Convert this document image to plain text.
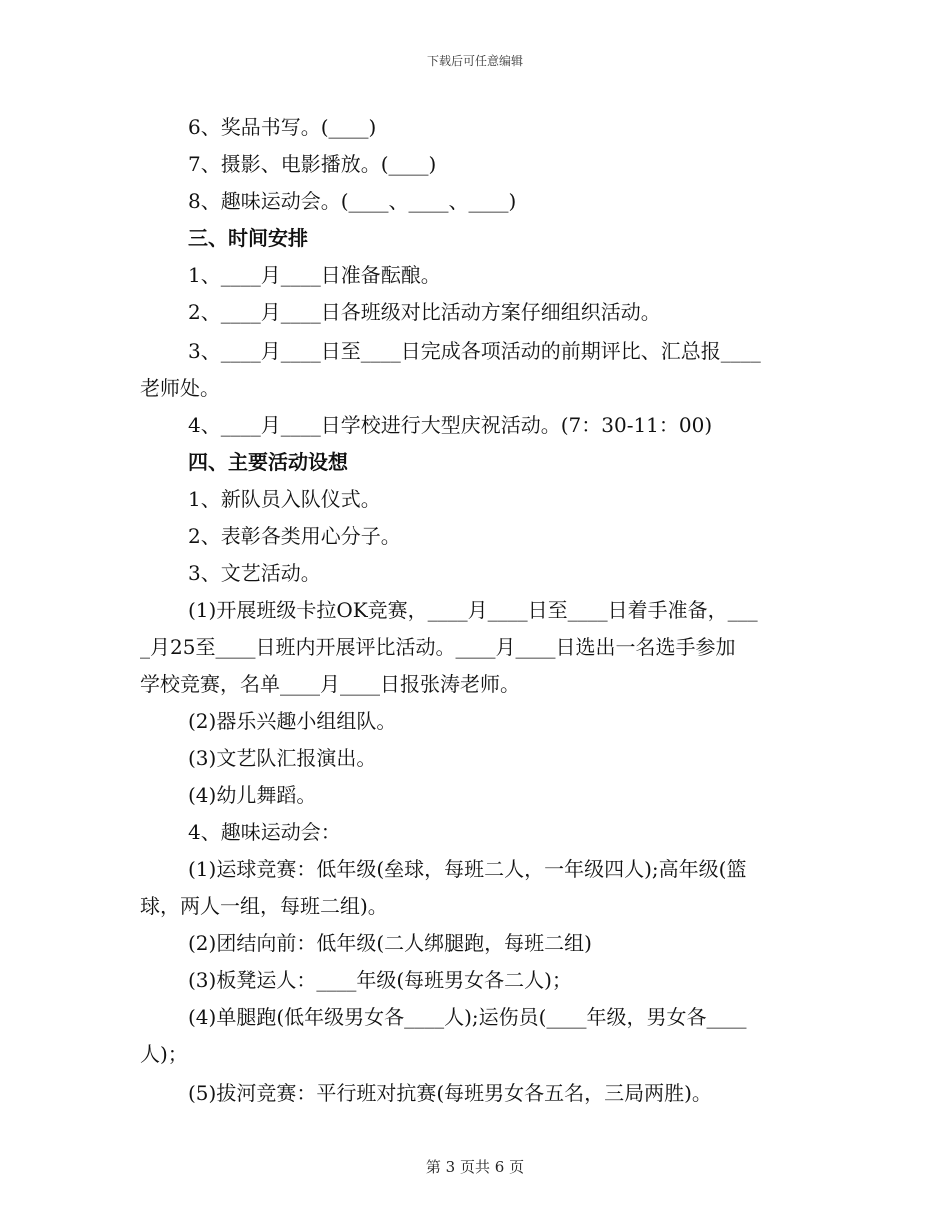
下载后可任意编辑
6、奖品书写。(____)
7、摄影、电影播放。(____)
8、趣味运动会。(____、____、____)
三、时间安排
1、____月____日准备酝酿。
2、____月____日各班级对比活动方案仔细组织活动。
3、____月____日至____日完成各项活动的前期评比、汇总报____
老师处。
4、____月____日学校进行大型庆祝活动。(7：30-11：00)
四、主要活动设想
1、新队员入队仪式。
2、表彰各类用心分子。
3、文艺活动。
(1)开展班级卡拉OK竞赛，____月____日至____日着手准备，___
_月25至____日班内开展评比活动。____月____日选出一名选手参加
学校竞赛，名单____月____日报张涛老师。
(2)器乐兴趣小组组队。
(3)文艺队汇报演出。
(4)幼儿舞蹈。
4、趣味运动会：
(1)运球竞赛：低年级(垒球，每班二人，一年级四人);高年级(篮
球，两人一组，每班二组)。
(2)团结向前：低年级(二人绑腿跑，每班二组)
(3)板凳运人：____年级(每班男女各二人)；
(4)单腿跑(低年级男女各____人);运伤员(____年级，男女各____
人)；
(5)拔河竞赛：平行班对抗赛(每班男女各五名，三局两胜)。
第 3 页共 6 页
